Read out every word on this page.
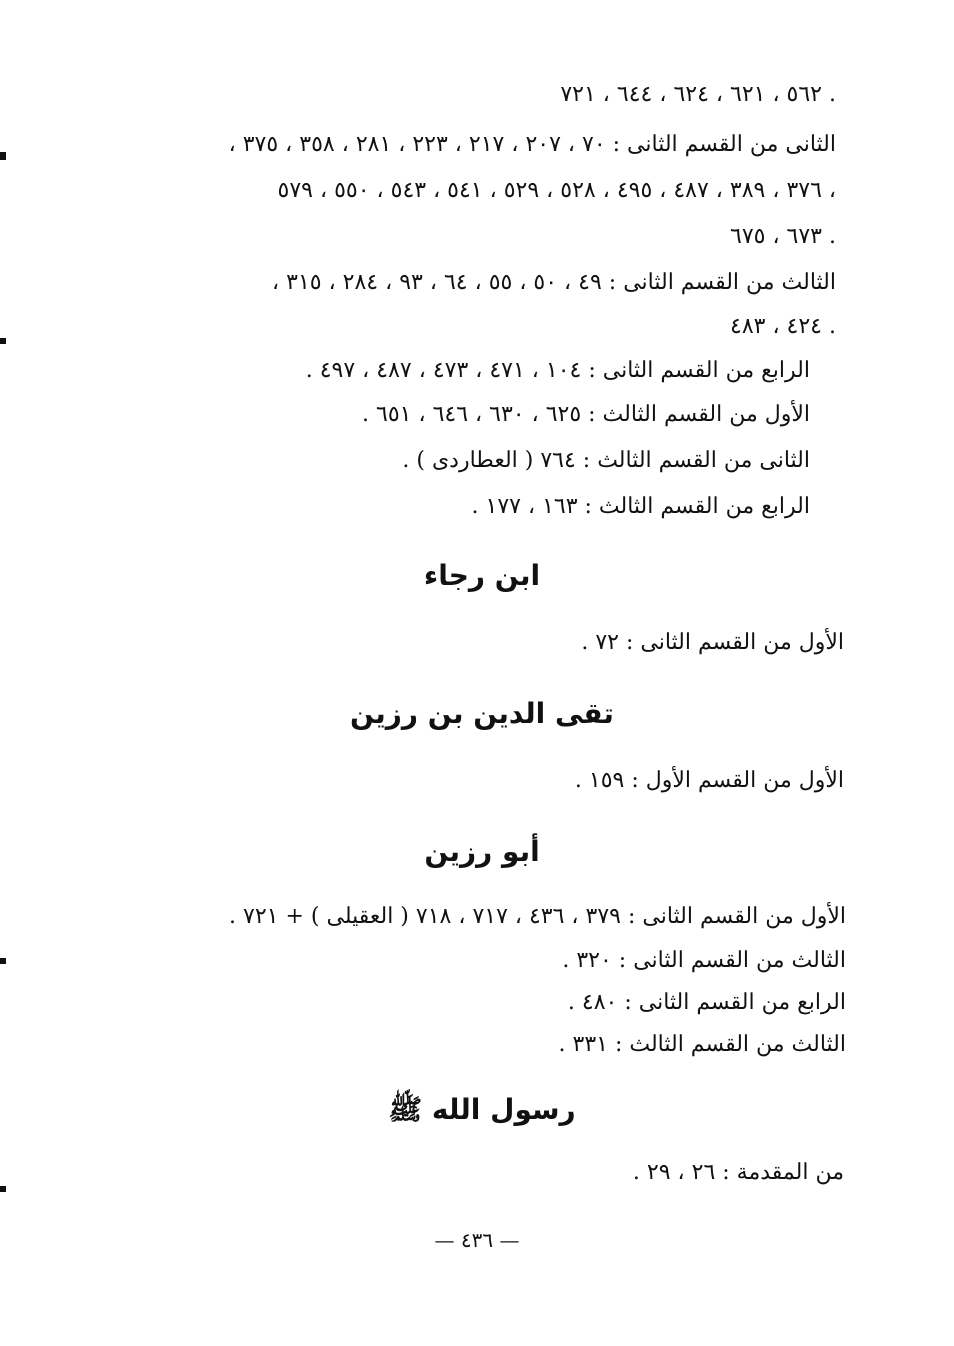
٥٦٢ ، ٦٢١ ، ٦٢٤ ، ٦٤٤ ، ٧٢١ .
الثانى من القسم الثانى : ٧٠ ، ٢٠٧ ، ٢١٧ ، ٢٢٣ ، ٢٨١ ، ٣٥٨ ، ٣٧٥ ،
٣٧٦ ، ٣٨٩ ، ٤٨٧ ، ٤٩٥ ، ٥٢٨ ، ٥٢٩ ، ٥٤١ ، ٥٤٣ ، ٥٥٠ ، ٥٧٩ ،
٦٧٣ ، ٦٧٥ .
الثالث من القسم الثانى : ٤٩ ، ٥٠ ، ٥٥ ، ٦٤ ، ٩٣ ، ٢٨٤ ، ٣١٥ ،
٤٢٤ ، ٤٨٣ .
الرابع من القسم الثانى : ١٠٤ ، ٤٧١ ، ٤٧٣ ، ٤٨٧ ، ٤٩٧ .
الأول من القسم الثالث : ٦٢٥ ، ٦٣٠ ، ٦٤٦ ، ٦٥١ .
الثانى من القسم الثالث : ٧٦٤ ( العطاردى ) .
الرابع من القسم الثالث : ١٦٣ ، ١٧٧ .
ابن رجاء
الأول من القسم الثانى : ٧٢ .
تقى الدين بن رزين
الأول من القسم الأول : ١٥٩ .
أبو رزين
الأول من القسم الثانى : ٣٧٩ ، ٤٣٦ ، ٧١٧ ، ٧١٨ ( العقيلى ) + ٧٢١ .
الثالث من القسم الثانى : ٣٢٠ .
الرابع من القسم الثانى : ٤٨٠ .
الثالث من القسم الثالث : ٣٣١ .
رسول الله ﷺ
من المقدمة : ٢٦ ، ٢٩ .
— ٤٣٦ —
